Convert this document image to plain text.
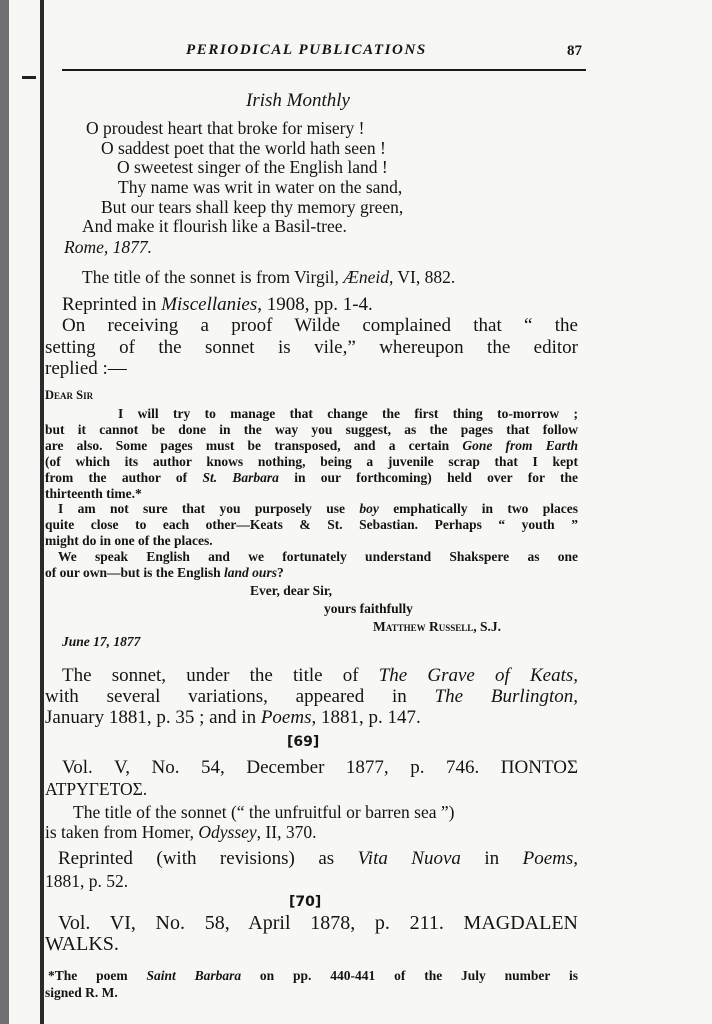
PERIODICAL PUBLICATIONS	87
Irish Monthly
O proudest heart that broke for misery !
O saddest poet that the world hath seen !
O sweetest singer of the English land !
Thy name was writ in water on the sand,
But our tears shall keep thy memory green,
And make it flourish like a Basil-tree.
Rome, 1877.
The title of the sonnet is from Virgil, Æneid, VI, 882.
Reprinted in Miscellanies, 1908, pp. 1-4.
On receiving a proof Wilde complained that “ the
setting of the sonnet is vile,” whereupon the editor
replied :—
Dear Sir
I will try to manage that change the first thing to-morrow ;
but it cannot be done in the way you suggest, as the pages that follow
are also. Some pages must be transposed, and a certain Gone from Earth
(of which its author knows nothing, being a juvenile scrap that I kept
from the author of St. Barbara in our forthcoming) held over for the
thirteenth time.*
I am not sure that you purposely use boy emphatically in two places
quite close to each other—Keats & St. Sebastian. Perhaps “ youth ”
might do in one of the places.
We speak English and we fortunately understand Shakspere as one
of our own—but is the English land ours?
Ever, dear Sir,
yours faithfully
Matthew Russell, S.J.
June 17, 1877
The sonnet, under the title of The Grave of Keats,
with several variations, appeared in The Burlington,
January 1881, p. 35 ; and in Poems, 1881, p. 147.
[69]
Vol. V, No. 54, December 1877, p. 746. ΠΟΝΤΟΣ
ΑΤΡΥΓΕΤΟΣ.
The title of the sonnet (“ the unfruitful or barren sea ”)
is taken from Homer, Odyssey, II, 370.
Reprinted (with revisions) as Vita Nuova in Poems,
1881, p. 52.
[70]
Vol. VI, No. 58, April 1878, p. 211. MAGDALEN
WALKS.
*The poem Saint Barbara on pp. 440-441 of the July number is
signed R. M.
